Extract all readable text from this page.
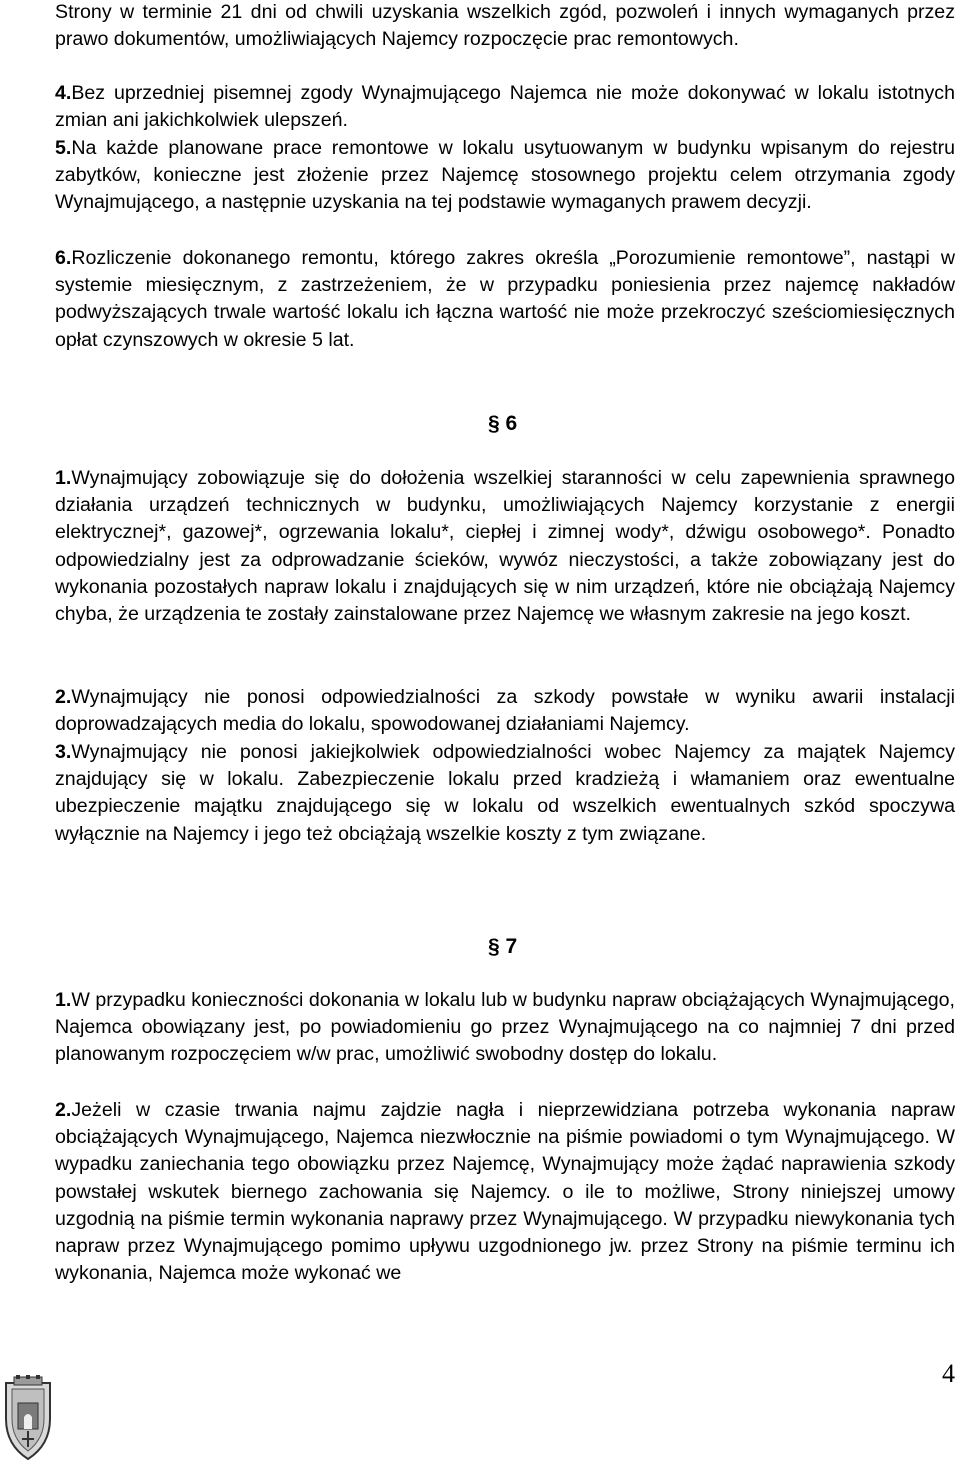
Strony w terminie 21 dni od chwili uzyskania wszelkich zgód, pozwoleń i innych wymaganych przez prawo dokumentów, umożliwiających Najemcy rozpoczęcie prac remontowych.

4.Bez uprzedniej pisemnej zgody Wynajmującego Najemca nie może dokonywać w lokalu istotnych zmian ani jakichkolwiek ulepszeń.

5.Na każde planowane prace remontowe w lokalu usytuowanym w budynku wpisanym do rejestru zabytków, konieczne jest złożenie przez Najemcę stosownego projektu celem otrzymania zgody Wynajmującego, a następnie uzyskania na tej podstawie wymaganych prawem decyzji.

6.Rozliczenie dokonanego remontu, którego zakres określa „Porozumienie remontowe”, nastąpi w systemie miesięcznym, z zastrzeżeniem, że w przypadku poniesienia przez najemcę nakładów podwyższających trwale wartość lokalu ich łączna wartość nie może przekroczyć sześciomiesięcznych opłat czynszowych w okresie 5 lat.

§ 6

1.Wynajmujący zobowiązuje się do dołożenia wszelkiej staranności w celu zapewnienia sprawnego działania urządzeń technicznych w budynku, umożliwiających Najemcy korzystanie z energii elektrycznej*, gazowej*, ogrzewania lokalu*, ciepłej i zimnej wody*, dźwigu osobowego*. Ponadto odpowiedzialny jest za odprowadzanie ścieków, wywóz nieczystości, a także zobowiązany jest do wykonania pozostałych napraw lokalu i znajdujących się w nim urządzeń, które nie obciążają Najemcy chyba, że urządzenia te zostały zainstalowane przez Najemcę we własnym zakresie na jego koszt.

2.Wynajmujący nie ponosi odpowiedzialności za szkody powstałe w wyniku awarii instalacji doprowadzających media do lokalu, spowodowanej działaniami Najemcy.

3.Wynajmujący nie ponosi jakiejkolwiek odpowiedzialności wobec Najemcy za majątek Najemcy znajdujący się w lokalu. Zabezpieczenie lokalu przed kradzieżą i włamaniem oraz ewentualne ubezpieczenie majątku znajdującego się w lokalu od wszelkich ewentualnych szkód spoczywa wyłącznie na Najemcy i jego też obciążają wszelkie koszty z tym związane.

§ 7

1.W przypadku konieczności dokonania w lokalu lub w budynku napraw obciążających Wynajmującego, Najemca obowiązany jest, po powiadomieniu go przez Wynajmującego na co najmniej 7 dni przed planowanym rozpoczęciem w/w prac, umożliwić swobodny dostęp do lokalu.

2.Jeżeli w czasie trwania najmu zajdzie nagła i nieprzewidziana potrzeba wykonania napraw obciążających Wynajmującego, Najemca niezwłocznie na piśmie powiadomi o tym Wynajmującego. W wypadku zaniechania tego obowiązku przez Najemcę, Wynajmujący może żądać naprawienia szkody powstałej wskutek biernego zachowania się Najemcy. o ile to możliwe, Strony niniejszej umowy uzgodnią na piśmie termin wykonania naprawy przez Wynajmującego. W przypadku niewykonania tych napraw przez Wynajmującego pomimo upływu uzgodnionego jw. przez Strony na piśmie terminu ich wykonania, Najemca może wykonać we

4
